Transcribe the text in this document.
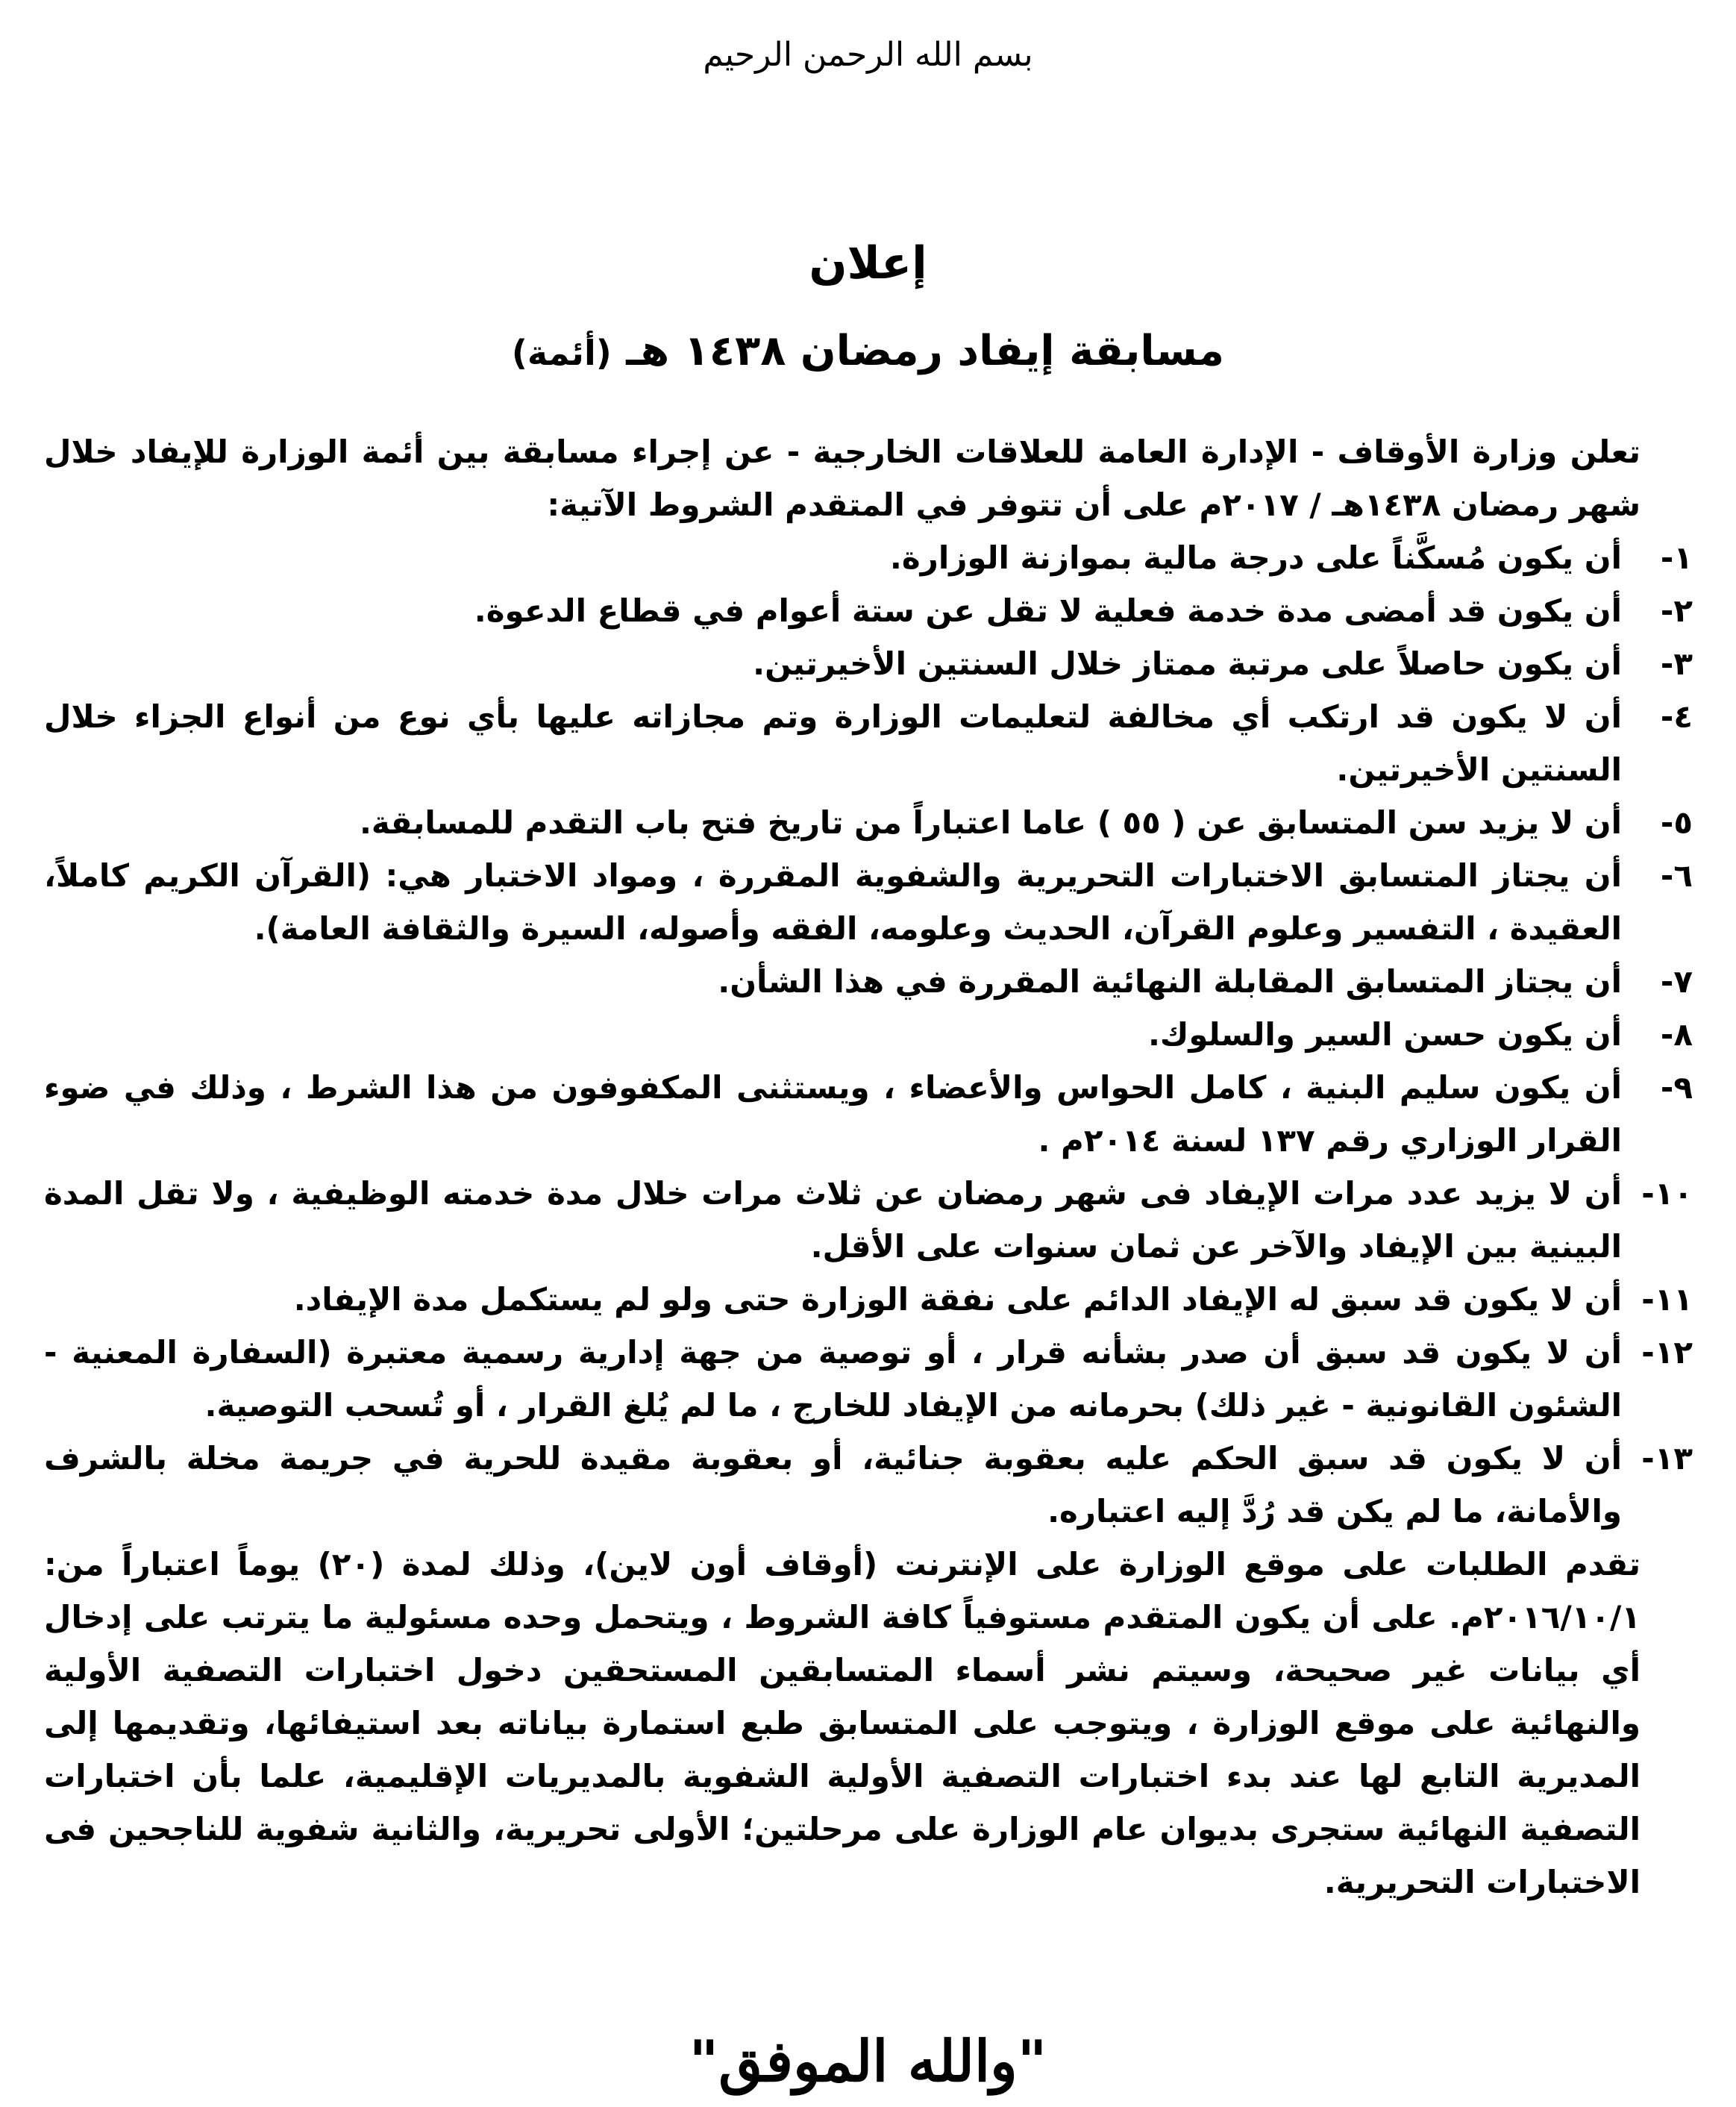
بسم الله الرحمن الرحيم
إعلان
مسابقة إيفاد رمضان ١٤٣٨ هـ (أئمة)

تعلن وزارة الأوقاف - الإدارة العامة للعلاقات الخارجية - عن إجراء مسابقة بين أئمة الوزارة للإيفاد خلال شهر رمضان ١٤٣٨هـ / ٢٠١٧م على أن تتوفر في المتقدم الشروط الآتية:

١-
أن يكون مُسكَّناً على درجة مالية بموازنة الوزارة.
٢-
أن يكون قد أمضى مدة خدمة فعلية لا تقل عن ستة أعوام في قطاع الدعوة.
٣-
أن يكون حاصلاً على مرتبة ممتاز خلال السنتين الأخيرتين.
٤-
أن لا يكون قد ارتكب أي مخالفة لتعليمات الوزارة وتم مجازاته عليها بأي نوع من أنواع الجزاء خلال السنتين الأخيرتين.
٥-
أن لا يزيد سن المتسابق عن ( ٥٥ ) عاما اعتباراً من تاريخ فتح باب التقدم للمسابقة.
٦-
أن يجتاز المتسابق الاختبارات التحريرية والشفوية المقررة ، ومواد الاختبار هي: (القرآن الكريم كاملاً، العقيدة ، التفسير وعلوم القرآن، الحديث وعلومه، الفقه وأصوله، السيرة والثقافة العامة).
٧-
أن يجتاز المتسابق المقابلة النهائية المقررة في هذا الشأن.
٨-
أن يكون حسن السير والسلوك.
٩-
أن يكون سليم البنية ، كامل الحواس والأعضاء ، ويستثنى المكفوفون من هذا الشرط ، وذلك في ضوء القرار الوزاري رقم ١٣٧ لسنة ٢٠١٤م .
١٠-
أن لا يزيد عدد مرات الإيفاد فى شهر رمضان عن ثلاث مرات خلال مدة خدمته الوظيفية ، ولا تقل المدة البينية بين الإيفاد والآخر عن ثمان سنوات على الأقل.
١١-
أن لا يكون قد سبق له الإيفاد الدائم على نفقة الوزارة حتى ولو لم يستكمل مدة الإيفاد.
١٢-
أن لا يكون قد سبق أن صدر بشأنه قرار ، أو توصية من جهة إدارية رسمية معتبرة (السفارة المعنية - الشئون القانونية - غير ذلك) بحرمانه من الإيفاد للخارج ، ما لم يُلغ القرار ، أو تُسحب التوصية.
١٣-
أن لا يكون قد سبق الحكم عليه بعقوبة جنائية، أو بعقوبة مقيدة للحرية في جريمة مخلة بالشرف والأمانة، ما لم يكن قد رُدَّ إليه اعتباره.

تقدم الطلبات على موقع الوزارة على الإنترنت (أوقاف أون لاين)، وذلك لمدة (٢٠) يوماً اعتباراً من: ٢٠١٦/١٠/١م. على أن يكون المتقدم مستوفياً كافة الشروط ، ويتحمل وحده مسئولية ما يترتب على إدخال أي بيانات غير صحيحة، وسيتم نشر أسماء المتسابقين المستحقين دخول اختبارات التصفية الأولية والنهائية على موقع الوزارة ، ويتوجب على المتسابق طبع استمارة بياناته بعد استيفائها، وتقديمها إلى المديرية التابع لها عند بدء اختبارات التصفية الأولية الشفوية بالمديريات الإقليمية، علما بأن اختبارات التصفية النهائية ستجرى بديوان عام الوزارة على مرحلتين؛ الأولى تحريرية، والثانية شفوية للناجحين فى الاختبارات التحريرية.

"والله الموفق"
